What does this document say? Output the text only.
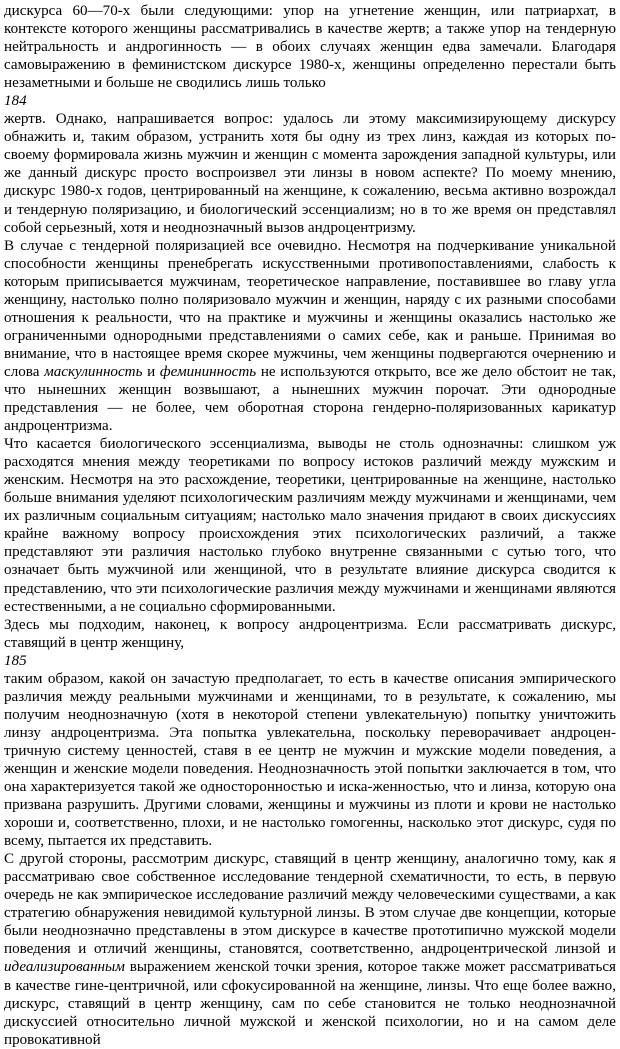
дискурса 60—70-х были следующими: упор на угнетение женщин, или патриархат, в контексте которого женщины рассматривались в качестве жертв; а также упор на тендерную нейтральность и андрогинность — в обоих случаях женщин едва замечали. Благодаря самовыражению в феминистском дискурсе 1980-х, женщины определенно перестали быть незаметными и больше не сводились лишь только

184

жертв. Однако, напрашивается вопрос: удалось ли этому максимизирующему дискурсу обнажить и, таким образом, устранить хотя бы одну из трех линз, каждая из которых по-своему формировала жизнь мужчин и женщин с момента зарождения западной культуры, или же данный дискурс просто воспроизвел эти линзы в новом аспекте? По моему мнению, дискурс 1980-х годов, центрированный на женщине, к сожалению, весьма активно возрождал и тендерную поляризацию, и биологический эссенциализм; но в то же время он представлял собой серьезный, хотя и неоднозначный вызов андроцентризму.

В случае с тендерной поляризацией все очевидно. Несмотря на подчеркивание уникальной способности женщины пренебрегать искусственными противопоставлениями, слабость к которым приписывается мужчинам, теоретическое направление, поставившее во главу угла женщину, настолько полно поляризовало мужчин и женщин, наряду с их разными способами отношения к реальности, что на практике и мужчины и женщины оказались настолько же ограниченными однородными представлениями о самих себе, как и раньше. Принимая во внимание, что в настоящее время скорее мужчины, чем женщины подвергаются очернению и слова маскулинность и фемининность не используются открыто, все же дело обстоит не так, что нынешних женщин возвышают, а нынешних мужчин порочат. Эти однородные представления — не более, чем оборотная сторона гендерно-поляризованных карикатур андроцентризма.

Что касается биологического эссенциализма, выводы не столь однозначны: слишком уж расходятся мнения между теоретиками по вопросу истоков различий между мужским и женским. Несмотря на это расхождение, теоретики, центрированные на женщине, настолько больше внимания уделяют психологическим различиям между мужчинами и женщинами, чем их различным социальным ситуациям; настолько мало значения придают в своих дискуссиях крайне важному вопросу происхождения этих психологических различий, а также представляют эти различия настолько глубоко внутренне связанными с сутью того, что означает быть мужчиной или женщиной, что в результате влияние дискурса сводится к представлению, что эти психологические различия между мужчинами и женщинами являются естественными, а не социально сформированными.

Здесь мы подходим, наконец, к вопросу андроцентризма. Если рассматривать дискурс, ставящий в центр женщину,

185

таким образом, какой он зачастую предполагает, то есть в качестве описания эмпирического различия между реальными мужчинами и женщинами, то в результате, к сожалению, мы получим неоднозначную (хотя в некоторой степени увлекательную) попытку уничтожить линзу андроцентризма. Эта попытка увлекательна, поскольку переворачивает андроцен-тричную систему ценностей, ставя в ее центр не мужчин и мужские модели поведения, а женщин и женские модели поведения. Неоднозначность этой попытки заключается в том, что она характеризуется такой же односторонностью и иска-женностью, что и линза, которую она призвана разрушить. Другими словами, женщины и мужчины из плоти и крови не настолько хороши и, соответственно, плохи, и не настолько гомогенны, насколько этот дискурс, судя по всему, пытается их представить.

С другой стороны, рассмотрим дискурс, ставящий в центр женщину, аналогично тому, как я рассматриваю свое собственное исследование тендерной схематичности, то есть, в первую очередь не как эмпирическое исследование различий между человеческими существами, а как стратегию обнаружения невидимой культурной линзы. В этом случае две концепции, которые были неоднозначно представлены в этом дискурсе в качестве прототипично мужской модели поведения и отличий женщины, становятся, соответственно, андроцентрической линзой и идеализированным выражением женской точки зрения, которое также может рассматриваться в качестве гине-центричной, или сфокусированной на женщине, линзы. Что еще более важно, дискурс, ставящий в центр женщину, сам по себе становится не только неоднозначной дискуссией относительно личной мужской и женской психологии, но и на самом деле провокативной
